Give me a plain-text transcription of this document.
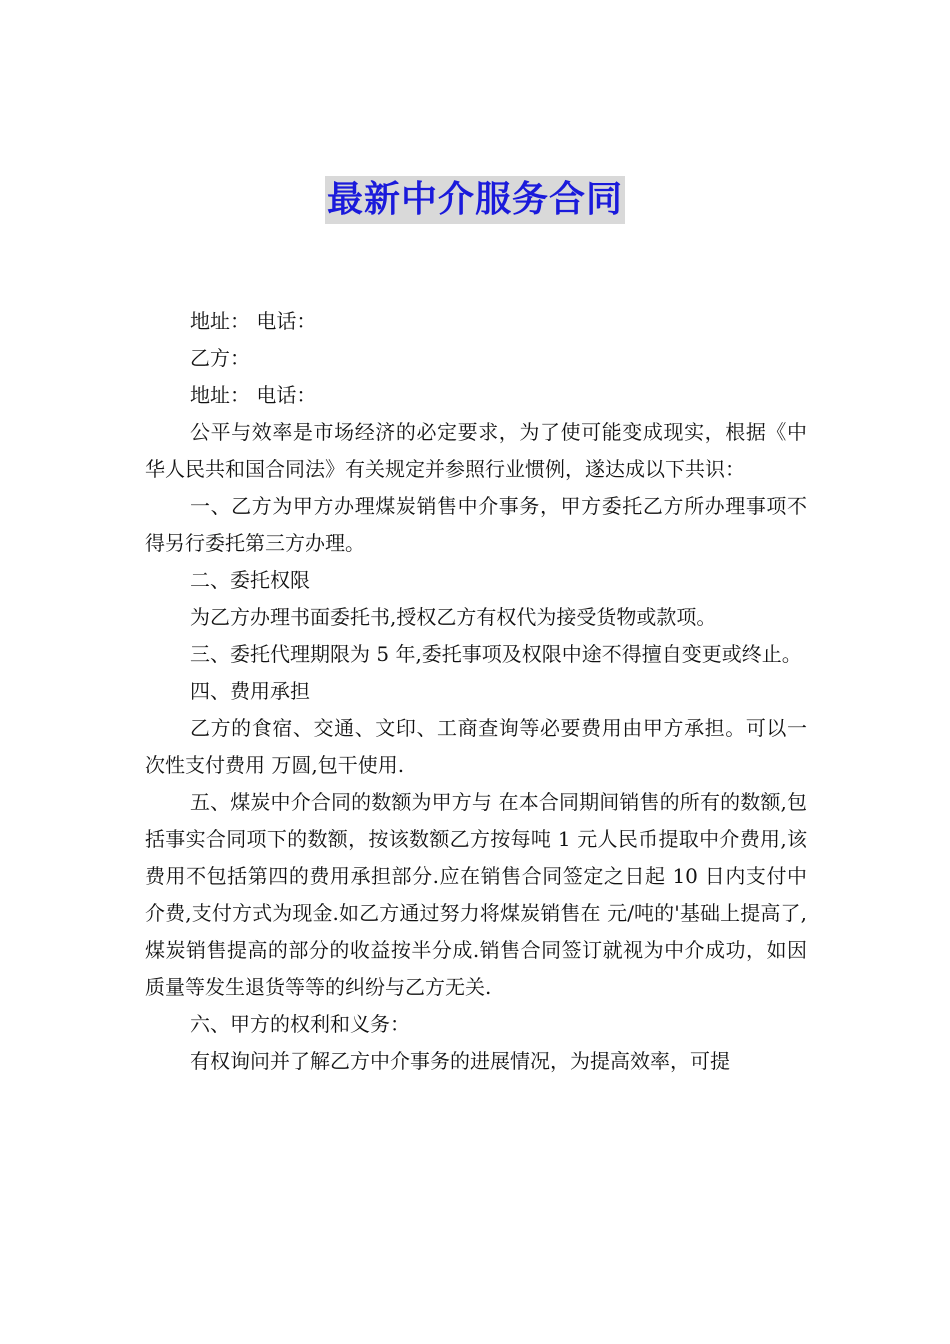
最新中介服务合同

地址： 电话：

乙方：

地址： 电话：

公平与效率是市场经济的必定要求，为了使可能变成现实，根据《中华人民共和国合同法》有关规定并参照行业惯例，遂达成以下共识：

一、乙方为甲方办理煤炭销售中介事务，甲方委托乙方所办理事项不得另行委托第三方办理。

二、委托权限

为乙方办理书面委托书,授权乙方有权代为接受货物或款项。

三、委托代理期限为 5 年,委托事项及权限中途不得擅自变更或终止。

四、费用承担

乙方的食宿、交通、文印、工商查询等必要费用由甲方承担。可以一次性支付费用 万圆,包干使用.

五、煤炭中介合同的数额为甲方与 在本合同期间销售的所有的数额,包括事实合同项下的数额，按该数额乙方按每吨 1 元人民币提取中介费用,该费用不包括第四的费用承担部分.应在销售合同签定之日起 10 日内支付中介费,支付方式为现金.如乙方通过努力将煤炭销售在 元/吨的'基础上提高了,煤炭销售提高的部分的收益按半分成.销售合同签订就视为中介成功，如因质量等发生退货等等的纠纷与乙方无关.

六、甲方的权利和义务：

有权询问并了解乙方中介事务的进展情况，为提高效率，可提
